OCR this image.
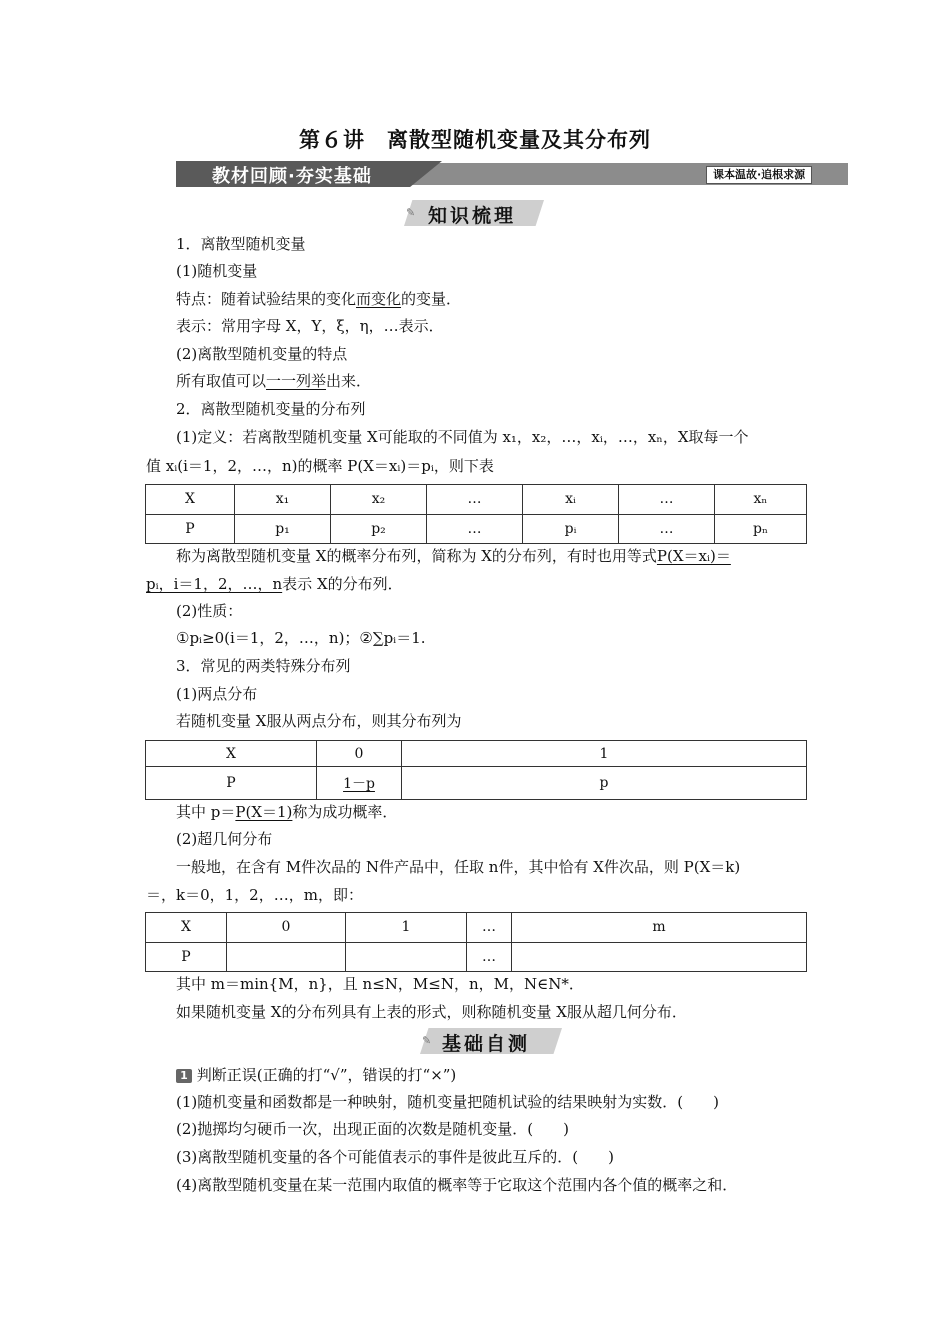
第６讲　离散型随机变量及其分布列
教材回顾·夯实基础	课本温故·追根求源
✎ 知识梳理
1．离散型随机变量
(1)随机变量
特点：随着试验结果的变化而变化的变量．
表示：常用字母 X，Y，ξ，η，…表示．
(2)离散型随机变量的特点
所有取值可以一一列举出来．
2．离散型随机变量的分布列
(1)定义：若离散型随机变量 X可能取的不同值为 x₁，x₂，…，xᵢ，…，xₙ，X取每一个
值 xᵢ(i＝1，2，…，n)的概率 P(X＝xᵢ)＝pᵢ，则下表
X	x₁	x₂	…	xᵢ	…	xₙ
P	p₁	p₂	…	pᵢ	…	pₙ
称为离散型随机变量 X的概率分布列，简称为 X的分布列，有时也用等式P(X＝xᵢ)＝
pᵢ，i＝1，2，…，n表示 X的分布列．
(2)性质：
①pᵢ≥0(i＝1，2，…，n)；②∑pᵢ＝1.
3．常见的两类特殊分布列
(1)两点分布
若随机变量 X服从两点分布，则其分布列为
X	0	1
P	1－p	p
其中 p＝P(X＝1)称为成功概率．
(2)超几何分布
一般地，在含有 M件次品的 N件产品中，任取 n件，其中恰有 X件次品，则 P(X＝k)
＝，k＝0，1，2，…，m，即：
X	0	1	…	m
P			…	
其中 m＝min{M，n}，且 n≤N，M≤N，n，M，N∈N*．
如果随机变量 X的分布列具有上表的形式，则称随机变量 X服从超几何分布．
✎ 基础自测
1 判断正误(正确的打“√”，错误的打“×”)
(1)随机变量和函数都是一种映射，随机变量把随机试验的结果映射为实数．(　　)
(2)抛掷均匀硬币一次，出现正面的次数是随机变量．(　　)
(3)离散型随机变量的各个可能值表示的事件是彼此互斥的．(　　)
(4)离散型随机变量在某一范围内取值的概率等于它取这个范围内各个值的概率之和．
